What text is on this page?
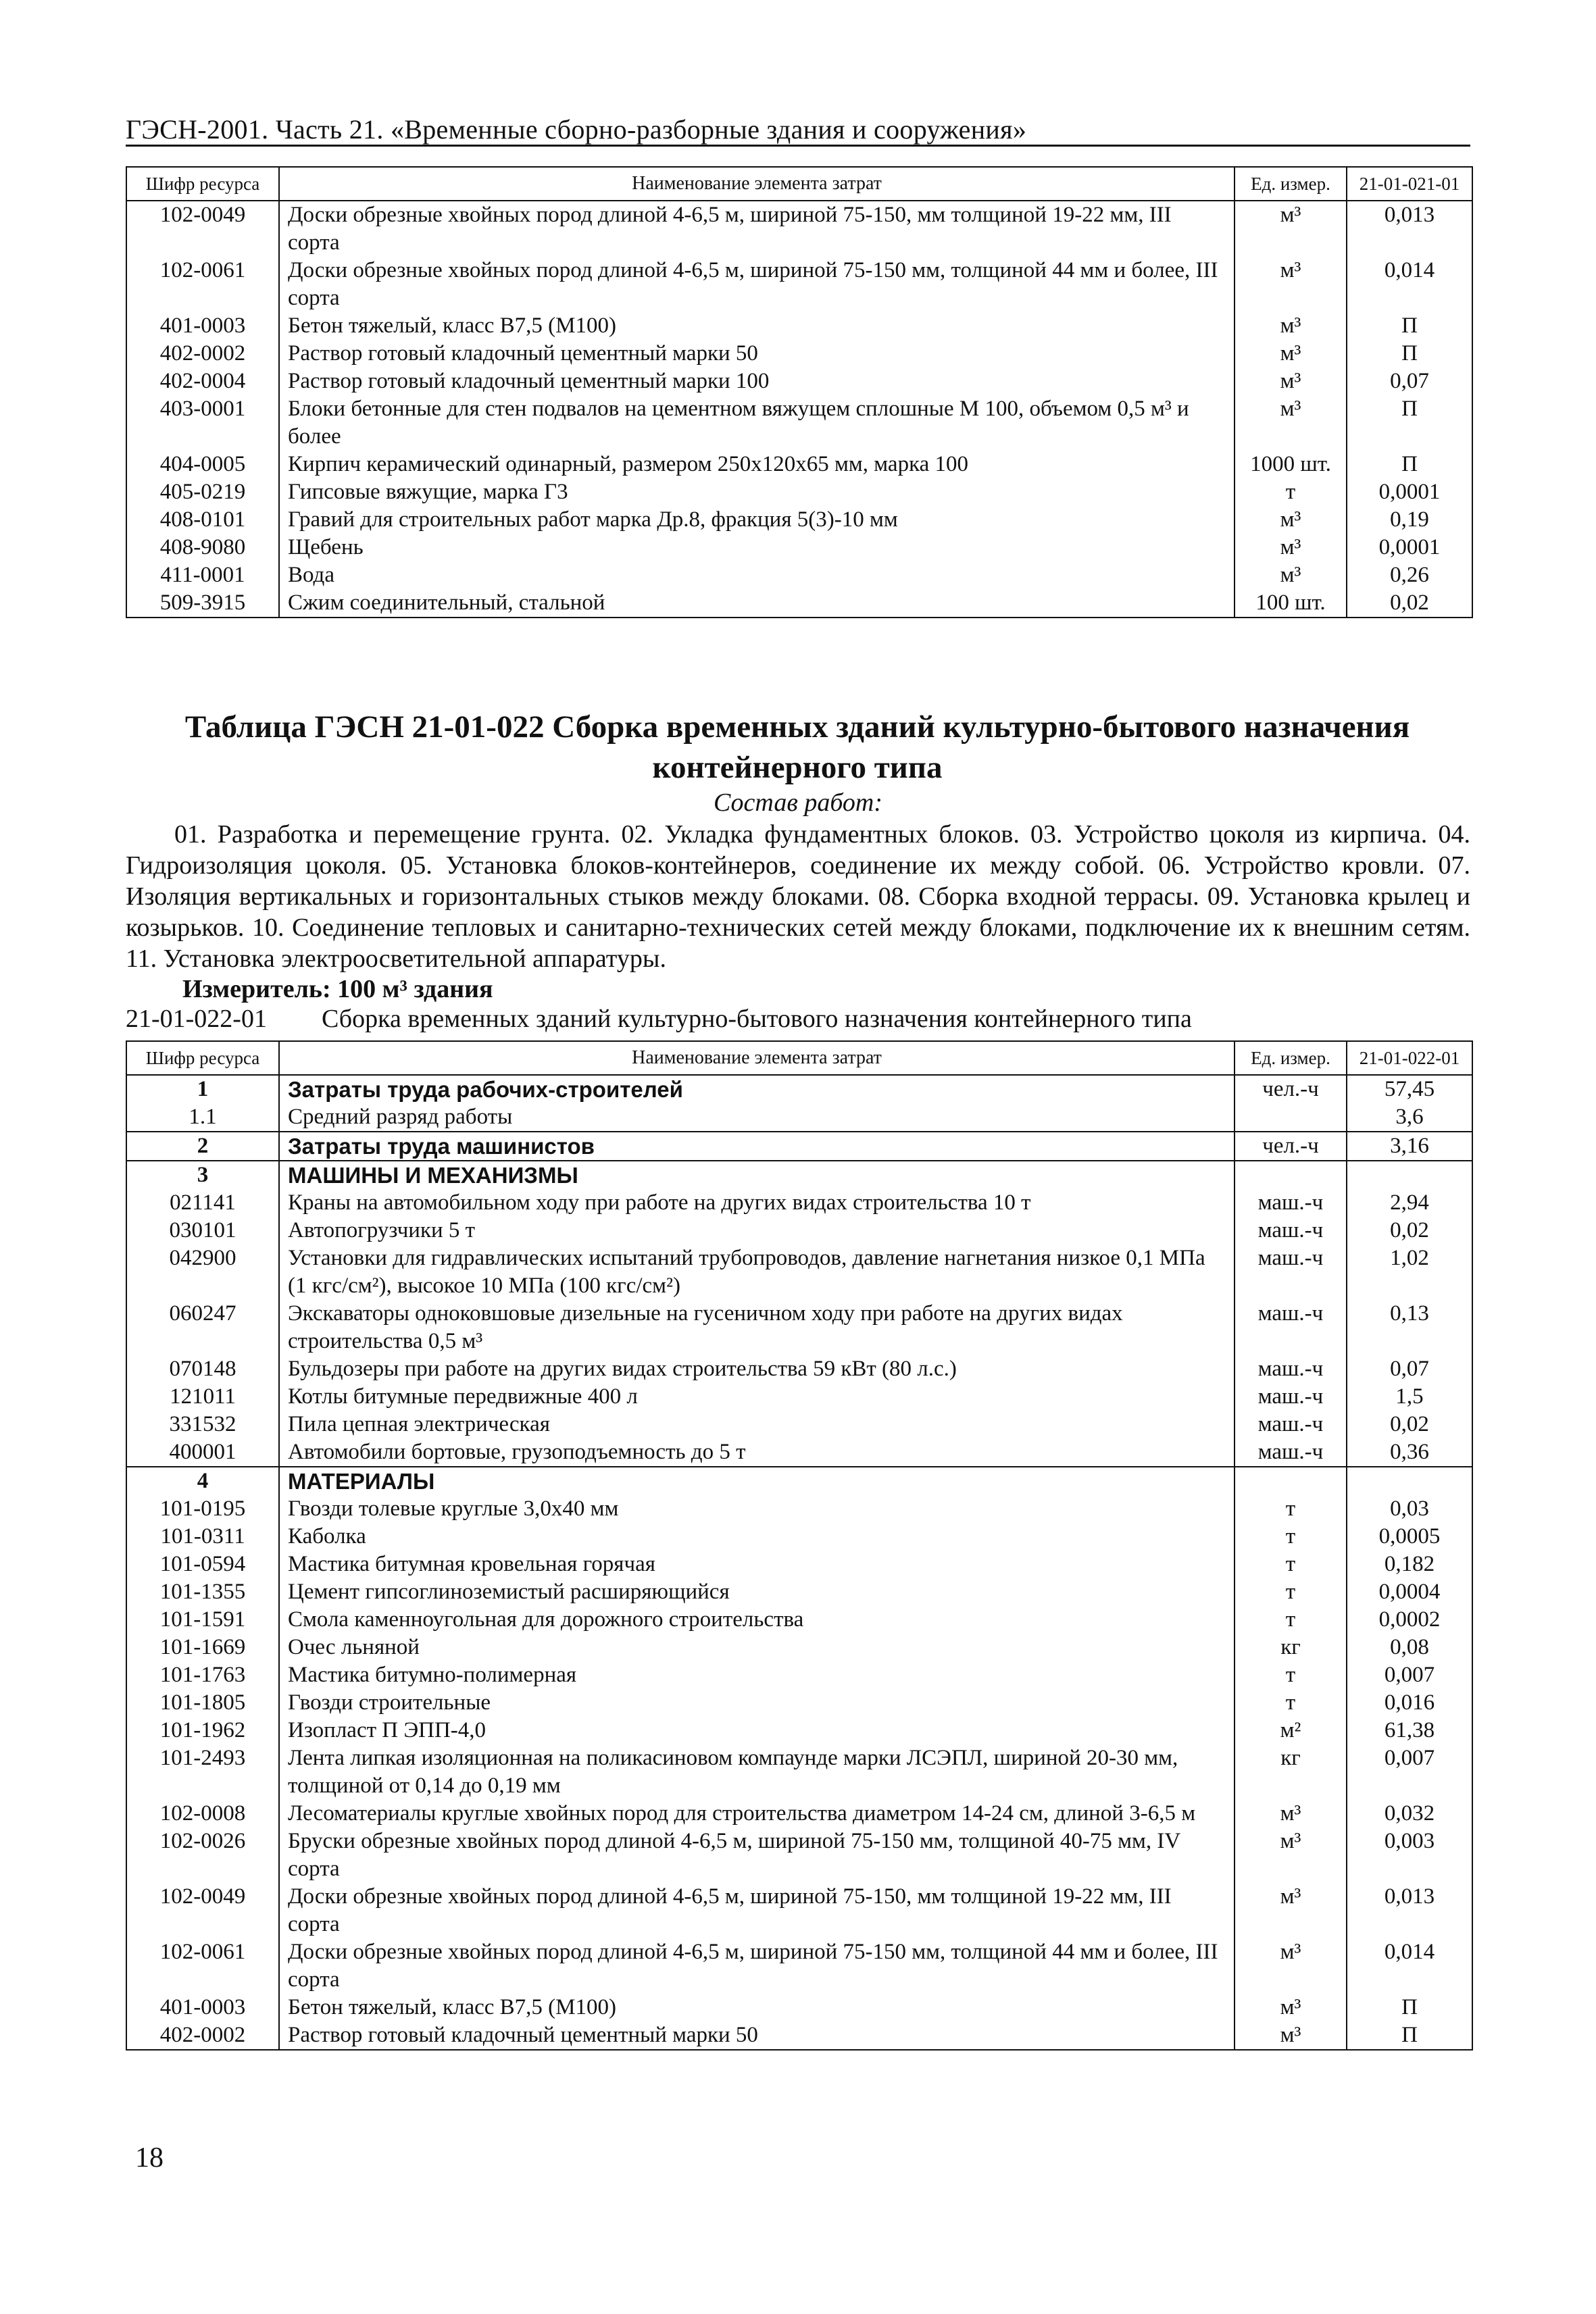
ГЭСН-2001. Часть 21. «Временные сборно-разборные здания и сооружения»
Шифр ресурса	Наименование элемента затрат	Ед. измер.	21-01-021-01
102-0049	Доски обрезные хвойных пород длиной 4-6,5 м, шириной 75-150, мм толщиной 19-22 мм, III сорта	м³	0,013
102-0061	Доски обрезные хвойных пород длиной 4-6,5 м, шириной 75-150 мм, толщиной 44 мм и более, III сорта	м³	0,014
401-0003	Бетон тяжелый, класс В7,5 (М100)	м³	П
402-0002	Раствор готовый кладочный цементный марки 50	м³	П
402-0004	Раствор готовый кладочный цементный марки 100	м³	0,07
403-0001	Блоки бетонные для стен подвалов на цементном вяжущем сплошные М 100, объемом 0,5 м³ и более	м³	П
404-0005	Кирпич керамический одинарный, размером 250х120х65 мм, марка 100	1000 шт.	П
405-0219	Гипсовые вяжущие, марка Г3	т	0,0001
408-0101	Гравий для строительных работ марка Др.8, фракция 5(3)-10 мм	м³	0,19
408-9080	Щебень	м³	0,0001
411-0001	Вода	м³	0,26
509-3915	Сжим соединительный, стальной	100 шт.	0,02
Таблица ГЭСН 21-01-022 Сборка временных зданий культурно-бытового назначения контейнерного типа
Состав работ:
01. Разработка и перемещение грунта. 02. Укладка фундаментных блоков. 03. Устройство цоколя из кирпича. 04. Гидроизоляция цоколя. 05. Установка блоков-контейнеров, соединение их между собой. 06. Устройство кровли. 07. Изоляция вертикальных и горизонтальных стыков между блоками. 08. Сборка входной террасы. 09. Установка крылец и козырьков. 10. Соединение тепловых и санитарно-технических сетей между блоками, подключение их к внешним сетям. 11. Установка электроосветительной аппаратуры.
Измеритель: 100 м³ здания
21-01-022-01 Сборка временных зданий культурно-бытового назначения контейнерного типа
Шифр ресурса	Наименование элемента затрат	Ед. измер.	21-01-022-01
1	Затраты труда рабочих-строителей	чел.-ч	57,45
1.1	Средний разряд работы		3,6
2	Затраты труда машинистов	чел.-ч	3,16
3	МАШИНЫ И МЕХАНИЗМЫ		
021141	Краны на автомобильном ходу при работе на других видах строительства 10 т	маш.-ч	2,94
030101	Автопогрузчики 5 т	маш.-ч	0,02
042900	Установки для гидравлических испытаний трубопроводов, давление нагнетания низкое 0,1 МПа (1 кгс/см²), высокое 10 МПа (100 кгс/см²)	маш.-ч	1,02
060247	Экскаваторы одноковшовые дизельные на гусеничном ходу при работе на других видах строительства 0,5 м³	маш.-ч	0,13
070148	Бульдозеры при работе на других видах строительства 59 кВт (80 л.с.)	маш.-ч	0,07
121011	Котлы битумные передвижные 400 л	маш.-ч	1,5
331532	Пила цепная электрическая	маш.-ч	0,02
400001	Автомобили бортовые, грузоподъемность до 5 т	маш.-ч	0,36
4	МАТЕРИАЛЫ		
101-0195	Гвозди толевые круглые 3,0х40 мм	т	0,03
101-0311	Каболка	т	0,0005
101-0594	Мастика битумная кровельная горячая	т	0,182
101-1355	Цемент гипсоглиноземистый расширяющийся	т	0,0004
101-1591	Смола каменноугольная для дорожного строительства	т	0,0002
101-1669	Очес льняной	кг	0,08
101-1763	Мастика битумно-полимерная	т	0,007
101-1805	Гвозди строительные	т	0,016
101-1962	Изопласт П ЭПП-4,0	м²	61,38
101-2493	Лента липкая изоляционная на поликасиновом компаунде марки ЛСЭПЛ, шириной 20-30 мм, толщиной от 0,14 до 0,19 мм	кг	0,007
102-0008	Лесоматериалы круглые хвойных пород для строительства диаметром 14-24 см, длиной 3-6,5 м	м³	0,032
102-0026	Бруски обрезные хвойных пород длиной 4-6,5 м, шириной 75-150 мм, толщиной 40-75 мм, IV сорта	м³	0,003
102-0049	Доски обрезные хвойных пород длиной 4-6,5 м, шириной 75-150, мм толщиной 19-22 мм, III сорта	м³	0,013
102-0061	Доски обрезные хвойных пород длиной 4-6,5 м, шириной 75-150 мм, толщиной 44 мм и более, III сорта	м³	0,014
401-0003	Бетон тяжелый, класс В7,5 (М100)	м³	П
402-0002	Раствор готовый кладочный цементный марки 50	м³	П
18
